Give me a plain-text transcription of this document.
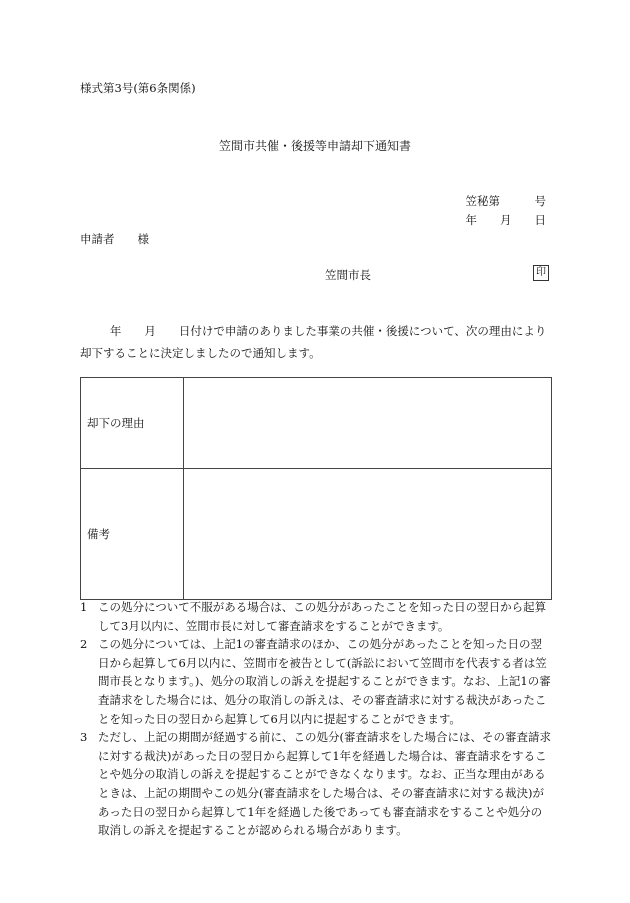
様式第3号(第6条関係)
笠間市共催・後援等申請却下通知書
笠秘第　　　号
年　　月　　日
申請者　　様
笠間市長	印

年　　月　　日付けで申請のありました事業の共催・後援について、次の理由により却下することに決定しましたので通知します。

却下の理由	
備考	
1 この処分について不服がある場合は、この処分があったことを知った日の翌日から起算して3月以内に、笠間市長に対して審査請求をすることができます。
2 この処分については、上記1の審査請求のほか、この処分があったことを知った日の翌日から起算して6月以内に、笠間市を被告として(訴訟において笠間市を代表する者は笠間市長となります。)、処分の取消しの訴えを提起することができます。なお、上記1の審査請求をした場合には、処分の取消しの訴えは、その審査請求に対する裁決があったことを知った日の翌日から起算して6月以内に提起することができます。
3 ただし、上記の期間が経過する前に、この処分(審査請求をした場合には、その審査請求に対する裁決)があった日の翌日から起算して1年を経過した場合は、審査請求をすることや処分の取消しの訴えを提起することができなくなります。なお、正当な理由があるときは、上記の期間やこの処分(審査請求をした場合は、その審査請求に対する裁決)があった日の翌日から起算して1年を経過した後であっても審査請求をすることや処分の取消しの訴えを提起することが認められる場合があります。
